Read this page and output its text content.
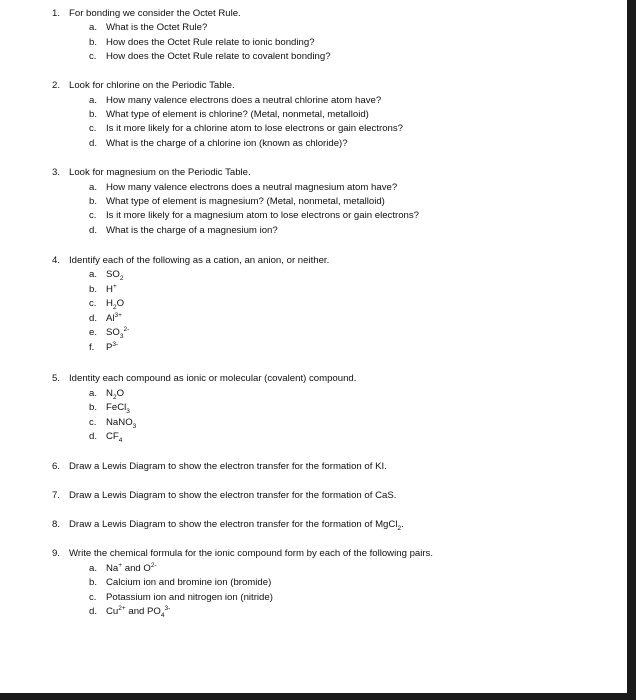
1. For bonding we consider the Octet Rule.
a. What is the Octet Rule?
b. How does the Octet Rule relate to ionic bonding?
c. How does the Octet Rule relate to covalent bonding?
2. Look for chlorine on the Periodic Table.
a. How many valence electrons does a neutral chlorine atom have?
b. What type of element is chlorine? (Metal, nonmetal, metalloid)
c. Is it more likely for a chlorine atom to lose electrons or gain electrons?
d. What is the charge of a chlorine ion (known as chloride)?
3. Look for magnesium on the Periodic Table.
a. How many valence electrons does a neutral magnesium atom have?
b. What type of element is magnesium? (Metal, nonmetal, metalloid)
c. Is it more likely for a magnesium atom to lose electrons or gain electrons?
d. What is the charge of a magnesium ion?
4. Identify each of the following as a cation, an anion, or neither.
a. $SO_2$
b. H+
c. $H_2O$
d. $Al^{3+}$
e. $SO_3^{2-}$
f. $P^{3-}$
5. Identity each compound as ionic or molecular (covalent) compound.
a. $N_2O$
b. FeCl$_3$
c. NaNO$_3$
d. $CF_4$
6. Draw a Lewis Diagram to show the electron transfer for the formation of KI.
7. Draw a Lewis Diagram to show the electron transfer for the formation of CaS.
8. Draw a Lewis Diagram to show the electron transfer for the formation of MgCl$_2$.
9. Write the chemical formula for the ionic compound form by each of the following pairs.
a. Na+ and $O^{2-}$
b. Calcium ion and bromine ion (bromide)
c. Potassium ion and nitrogen ion (nitride)
d. $Cu^{2+}$ and $PO_4^{3-}$
